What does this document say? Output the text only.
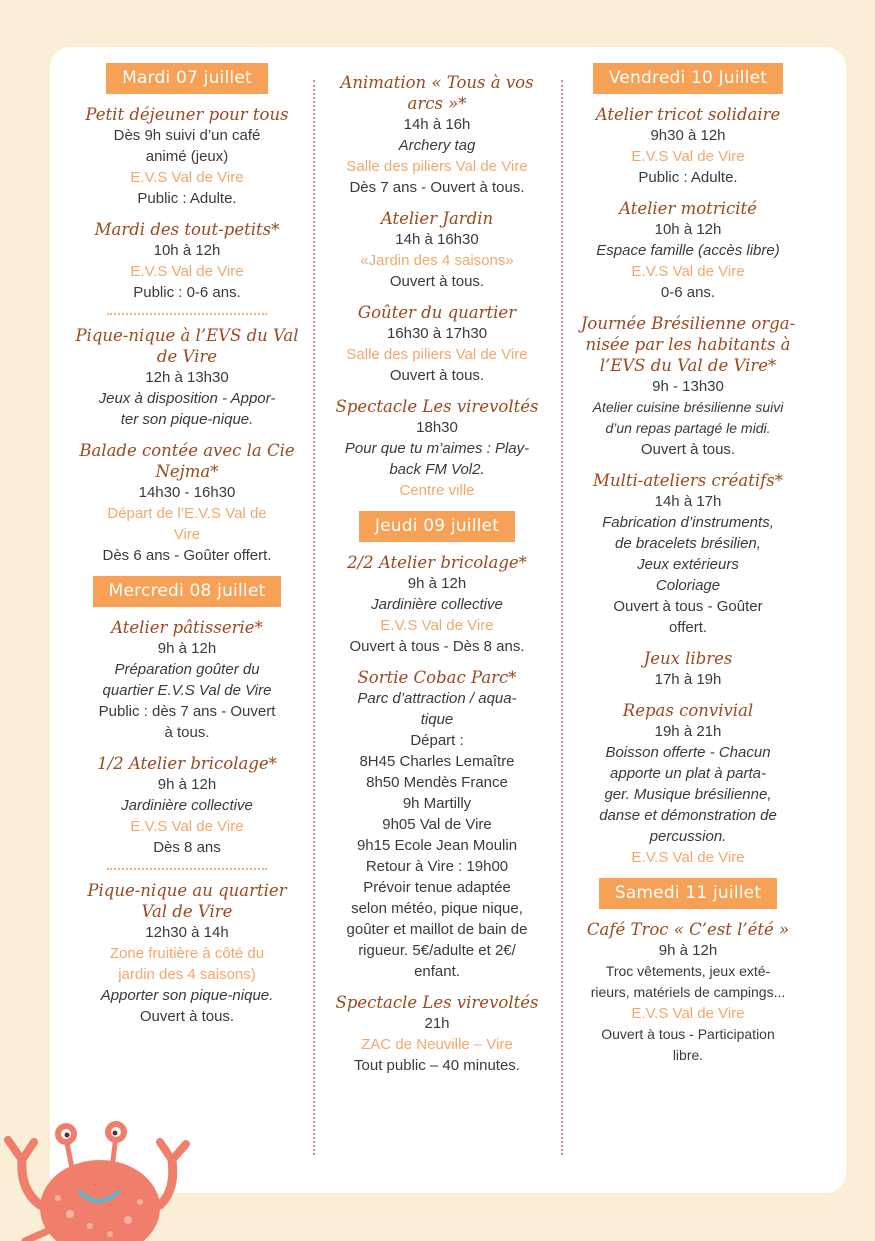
Mardi 07 juillet
Petit déjeuner pour tous
Dès 9h suivi d’un café
animé (jeux)
E.V.S Val de Vire
Public : Adulte.
Mardi des tout-petits*
10h à 12h
E.V.S Val de Vire
Public : 0-6 ans.
Pique-nique à l’EVS du Val de Vire
12h à 13h30
Jeux à disposition - Appor-
ter son pique-nique.
Balade contée avec la Cie Nejma*
14h30 - 16h30
Départ de l’E.V.S Val de
Vire
Dès 6 ans - Goûter offert.
Mercredi 08 juillet
Atelier pâtisserie*
9h à 12h
Préparation goûter du
quartier E.V.S Val de Vire
Public : dès 7 ans - Ouvert
à tous.
1/2 Atelier bricolage*
9h à 12h
Jardinière collective
E.V.S Val de Vire
Dès 8 ans
Pique-nique au quartier Val de Vire
12h30 à 14h
Zone fruitière à côté du
jardin des 4 saisons)
Apporter son pique-nique.
Ouvert à tous.
Animation « Tous à vos arcs »*
14h à 16h
Archery tag
Salle des piliers Val de Vire
Dès 7 ans - Ouvert à tous.
Atelier Jardin
14h à 16h30
«Jardin des 4 saisons»
Ouvert à tous.
Goûter du quartier
16h30 à 17h30
Salle des piliers Val de Vire
Ouvert à tous.
Spectacle Les virevoltés
18h30
Pour que tu m’aimes : Play-
back FM Vol2.
Centre ville
Jeudi 09 juillet
2/2 Atelier bricolage*
9h à 12h
Jardinière collective
E.V.S Val de Vire
Ouvert à tous - Dès 8 ans.
Sortie Cobac Parc*
Parc d’attraction / aqua-
tique
Départ :
8H45 Charles Lemaître
8h50 Mendès France
9h Martilly
9h05 Val de Vire
9h15 Ecole Jean Moulin
Retour à Vire : 19h00
Prévoir tenue adaptée
selon météo, pique nique,
goûter et maillot de bain de
rigueur. 5€/adulte et 2€/
enfant.
Spectacle Les virevoltés
21h
ZAC de Neuville – Vire
Tout public – 40 minutes.
Vendredi 10 Juillet
Atelier tricot solidaire
9h30 à 12h
E.V.S Val de Vire
Public : Adulte.
Atelier motricité
10h à 12h
Espace famille (accès libre)
E.V.S Val de Vire
0-6 ans.
Journée Brésilienne orga-nisée par les habitants à l’EVS du Val de Vire*
9h - 13h30
Atelier cuisine brésilienne suivi
d’un repas partagé le midi.
Ouvert à tous.
Multi-ateliers créatifs*
14h à 17h
Fabrication d’instruments,
de bracelets brésilien,
Jeux extérieurs
Coloriage
Ouvert à tous - Goûter
offert.
Jeux libres
17h à 19h
Repas convivial
19h à 21h
Boisson offerte - Chacun
apporte un plat à parta-
ger. Musique brésilienne,
danse et démonstration de
percussion.
E.V.S Val de Vire
Samedi 11 juillet
Café Troc « C’est l’été »
9h à 12h
Troc vêtements, jeux exté-
rieurs, matériels de campings...
E.V.S Val de Vire
Ouvert à tous - Participation
libre.
